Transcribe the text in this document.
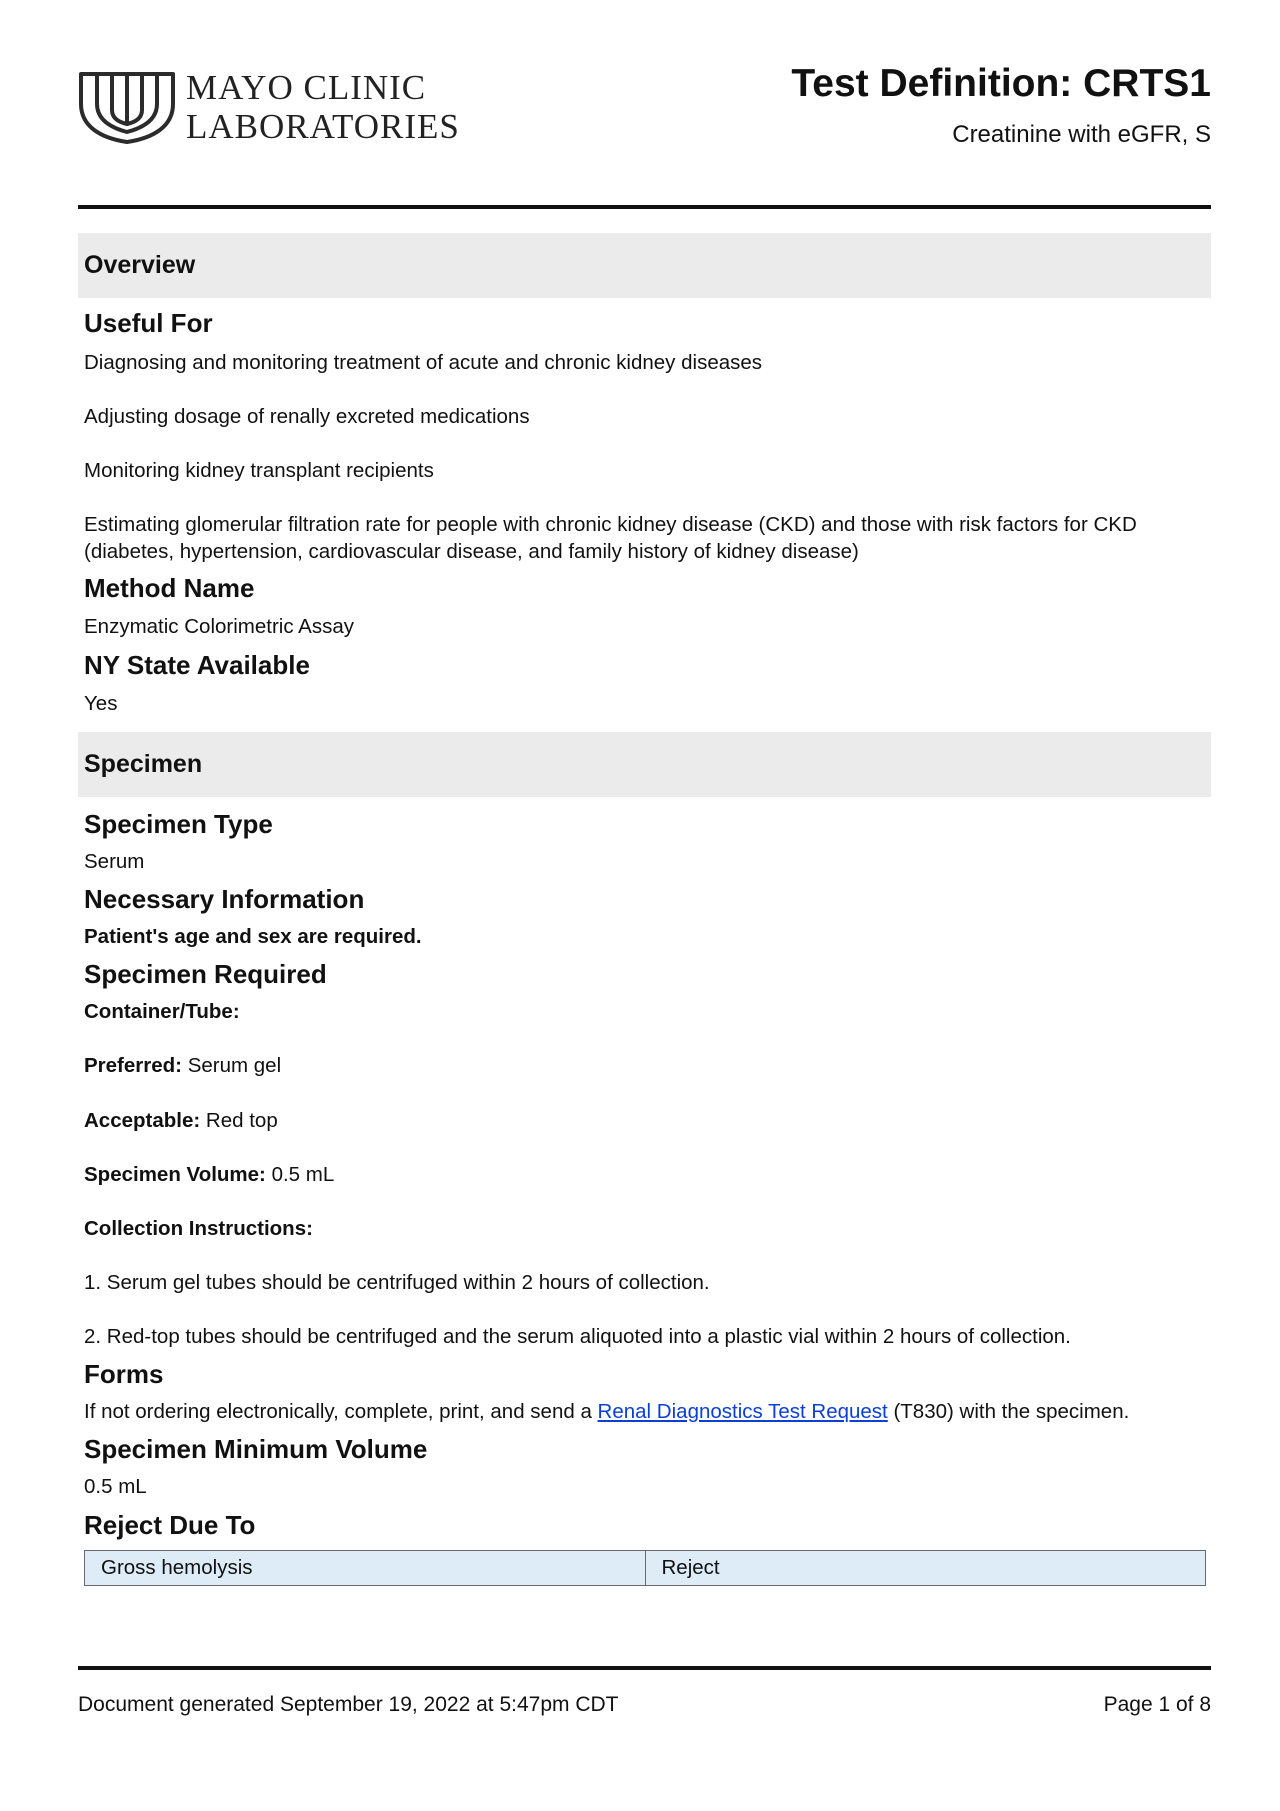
MAYO CLINIC
LABORATORIES
Test Definition: CRTS1
Creatinine with eGFR, S
Overview
Useful For

Diagnosing and monitoring treatment of acute and chronic kidney diseases

Adjusting dosage of renally excreted medications

Monitoring kidney transplant recipients

Estimating glomerular filtration rate for people with chronic kidney disease (CKD) and those with risk factors for CKD (diabetes, hypertension, cardiovascular disease, and family history of kidney disease)

Method Name

Enzymatic Colorimetric Assay

NY State Available

Yes

Specimen
Specimen Type

Serum

Necessary Information

Patient's age and sex are required.

Specimen Required

Container/Tube:

Preferred: Serum gel

Acceptable: Red top

Specimen Volume: 0.5 mL

Collection Instructions:

1. Serum gel tubes should be centrifuged within 2 hours of collection.

2. Red-top tubes should be centrifuged and the serum aliquoted into a plastic vial within 2 hours of collection.

Forms

If not ordering electronically, complete, print, and send a Renal Diagnostics Test Request (T830) with the specimen.

Specimen Minimum Volume

0.5 mL

Reject Due To
Gross hemolysis	Reject
Document generated September 19, 2022 at 5:47pm CDT	Page 1 of 8
